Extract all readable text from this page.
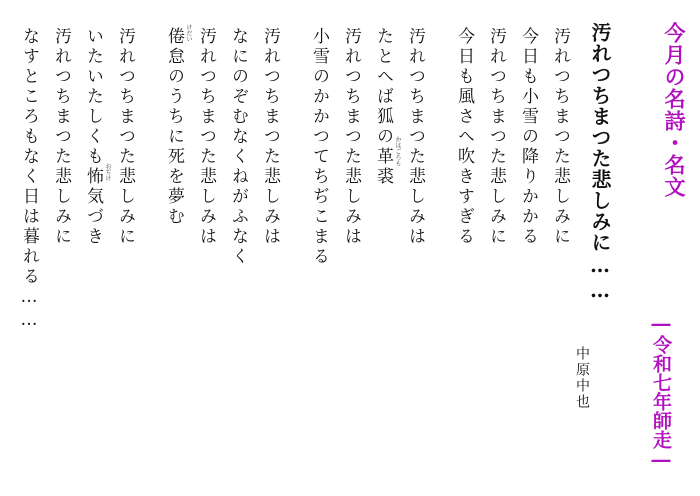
今月の名詩・名文
―令和七年師走―
汚れつちまつた悲しみに……
中原中也
汚れつちまつた悲しみに
今日も小雪の降りかかる
汚れつちまつた悲しみに
今日も風さへ吹きすぎる
汚れつちまつた悲しみは
たとへば狐の革裘 かはごろも
汚れつちまつた悲しみは
小雪のかかつてちぢこまる
汚れつちまつた悲しみは
なにのぞむなくねがふなく
汚れつちまつた悲しみは
倦怠のうちに死を夢む けだい
汚れつちまつた悲しみに
いたいたしくも怖気づき おぢけ
汚れつちまつた悲しみに
なすところもなく日は暮れる……
